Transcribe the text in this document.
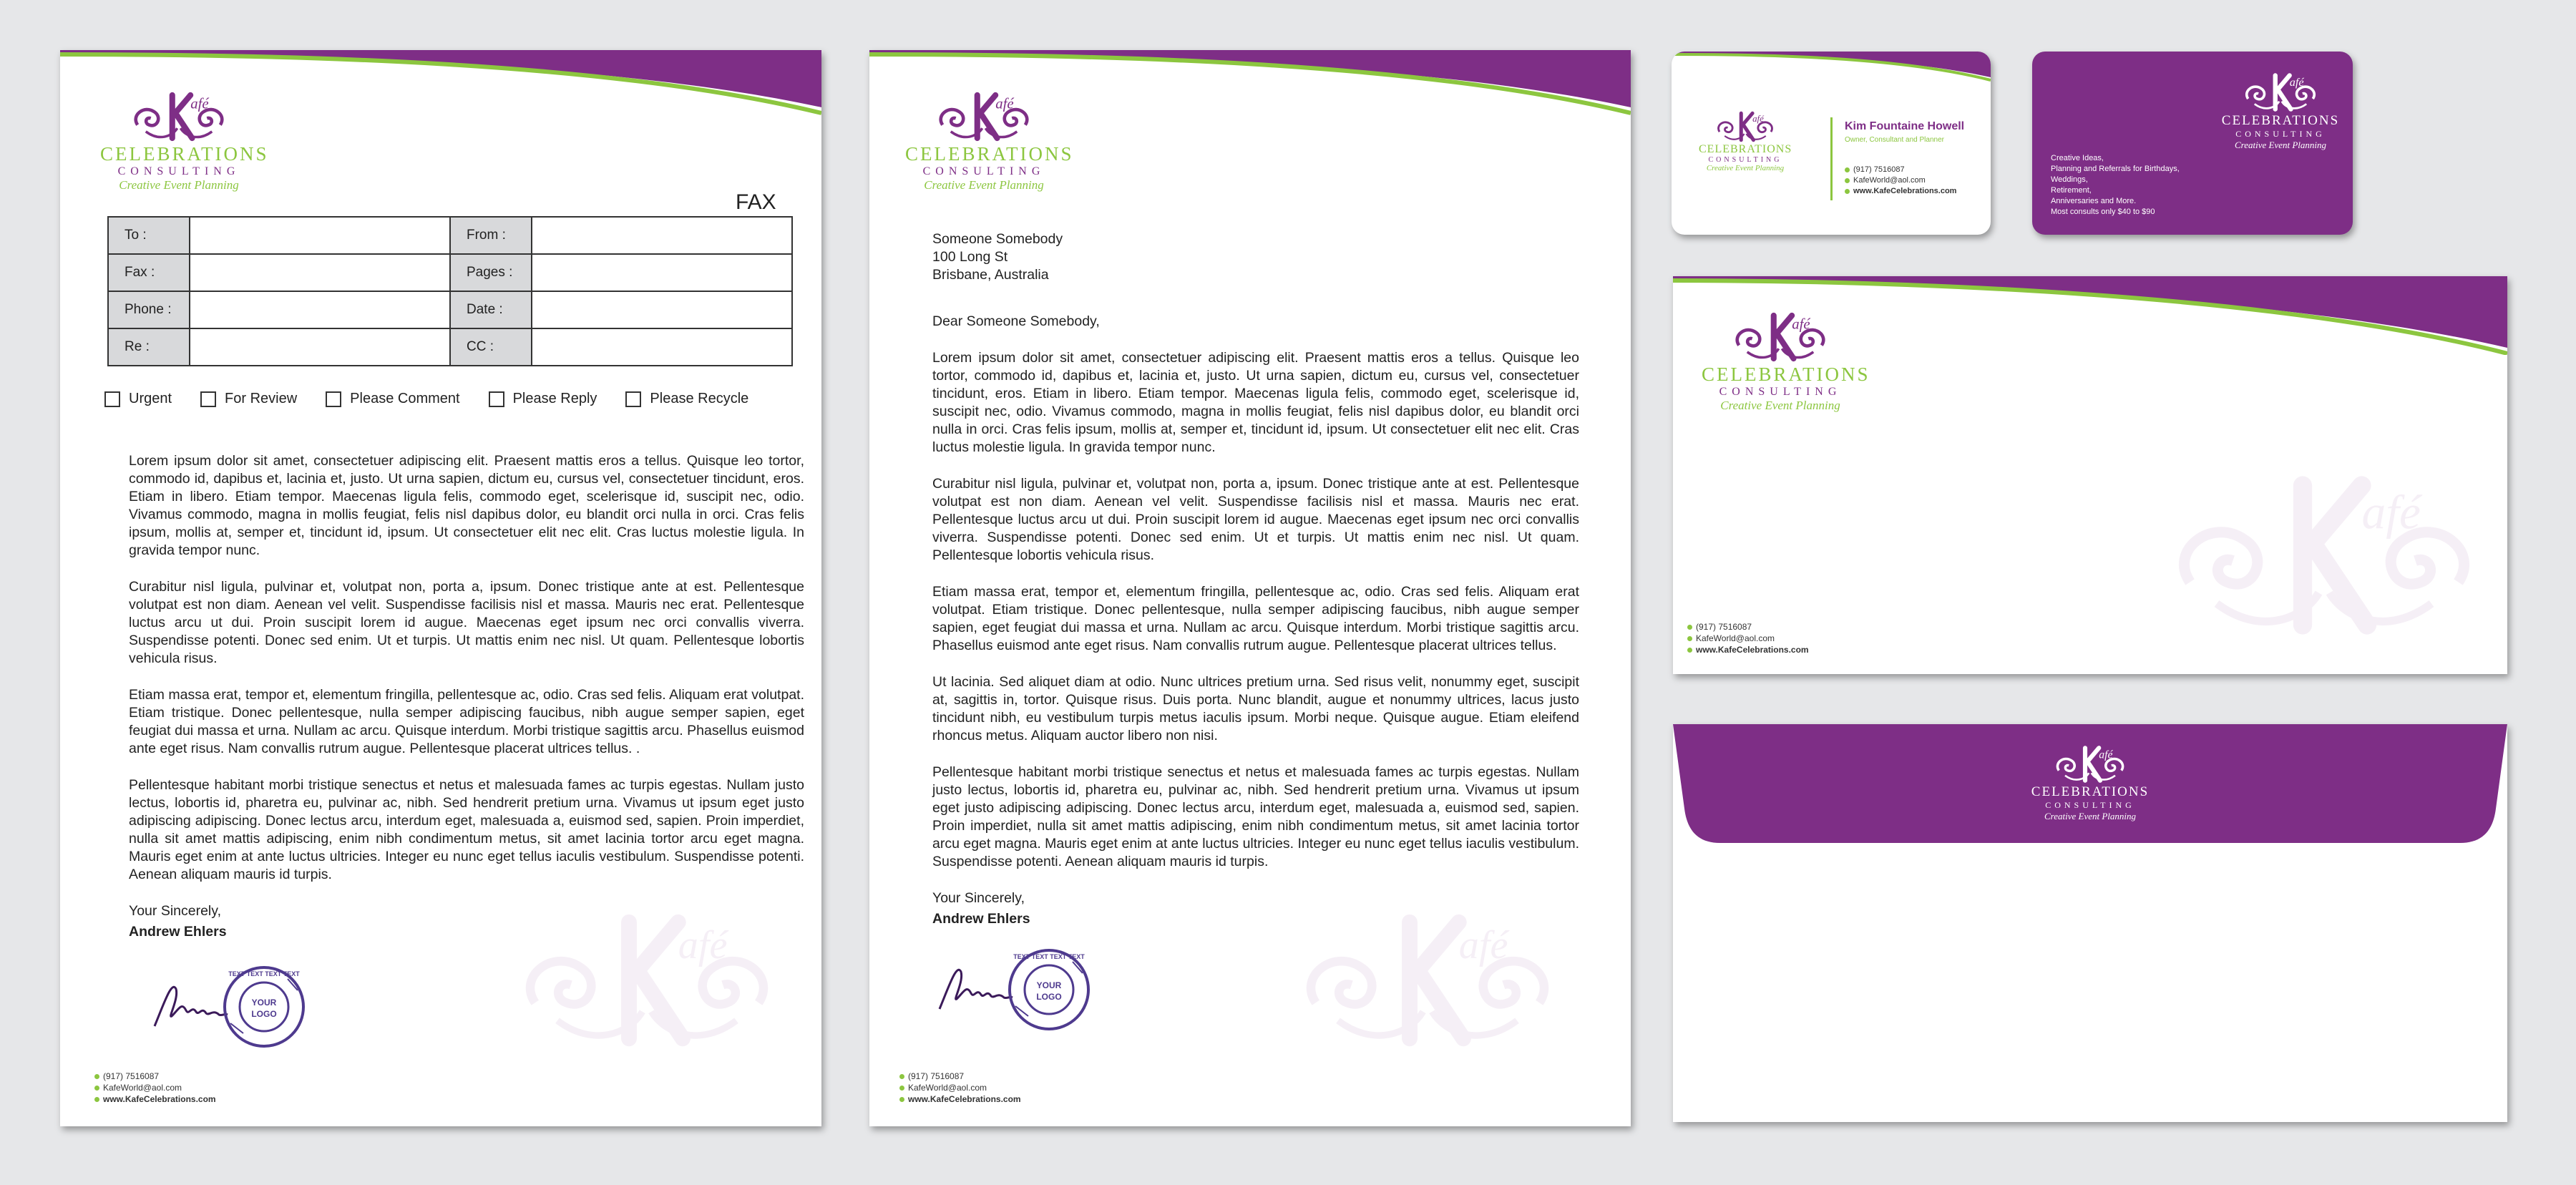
CELEBRATIONS
CONSULTING
Creative Event Planning
FAX
To :		From :	
Fax :		Pages :	
Phone :		Date :	
Re :		CC :	
Urgent	For Review	Please Comment	Please Reply	Please Recycle

Lorem ipsum dolor sit amet, consectetuer adipiscing elit. Praesent mattis eros a tellus. Quisque leo tortor, commodo id, dapibus et, lacinia et, justo. Ut urna sapien, dictum eu, cursus vel, consectetuer tincidunt, eros. Etiam in libero. Etiam tempor. Maecenas ligula felis, commodo eget, scelerisque id, suscipit nec, odio. Vivamus commodo, magna in mollis feugiat, felis nisl dapibus dolor, eu blandit orci nulla in orci. Cras felis ipsum, mollis at, semper et, tincidunt id, ipsum. Ut consectetuer elit nec elit. Cras luctus molestie ligula. In gravida tempor nunc.

Curabitur nisl ligula, pulvinar et, volutpat non, porta a, ipsum. Donec tristique ante at est. Pellentesque volutpat est non diam. Aenean vel velit. Suspendisse facilisis nisl et massa. Mauris nec erat. Pellentesque luctus arcu ut dui. Proin suscipit lorem id augue. Maecenas eget ipsum nec orci convallis viverra. Suspendisse potenti. Donec sed enim. Ut et turpis. Ut mattis enim nec nisl. Ut quam. Pellentesque lobortis vehicula risus.

Etiam massa erat, tempor et, elementum fringilla, pellentesque ac, odio. Cras sed felis. Aliquam erat volutpat. Etiam tristique. Donec pellentesque, nulla semper adipiscing faucibus, nibh augue semper sapien, eget feugiat dui massa et urna. Nullam ac arcu. Quisque interdum. Morbi tristique sagittis arcu. Phasellus euismod ante eget risus. Nam convallis rutrum augue. Pellentesque placerat ultrices tellus. .

Pellentesque habitant morbi tristique senectus et netus et malesuada fames ac turpis egestas. Nullam justo lectus, lobortis id, pharetra eu, pulvinar ac, nibh. Sed hendrerit pretium urna. Vivamus ut ipsum eget justo adipiscing adipiscing. Donec lectus arcu, interdum eget, malesuada a, euismod sed, sapien. Proin imperdiet, nulla sit amet mattis adipiscing, enim nibh condimentum metus, sit amet lacinia tortor arcu eget magna. Mauris eget enim at ante luctus ultricies. Integer eu nunc eget tellus iaculis vestibulum. Suspendisse potenti. Aenean aliquam mauris id turpis.

Your Sincerely,
Andrew Ehlers
TEXT TEXT TEXT TEXT
YOUR
LOGO
(917) 7516087
KafeWorld@aol.com
www.KafeCelebrations.com
CELEBRATIONS
CONSULTING
Creative Event Planning
Someone Somebody
100 Long St
Brisbane, Australia
Dear Someone Somebody,

Lorem ipsum dolor sit amet, consectetuer adipiscing elit. Praesent mattis eros a tellus. Quisque leo tortor, commodo id, dapibus et, lacinia et, justo. Ut urna sapien, dictum eu, cursus vel, consectetuer tincidunt, eros. Etiam in libero. Etiam tempor. Maecenas ligula felis, commodo eget, scelerisque id, suscipit nec, odio. Vivamus commodo, magna in mollis feugiat, felis nisl dapibus dolor, eu blandit orci nulla in orci. Cras felis ipsum, mollis at, semper et, tincidunt id, ipsum. Ut consectetuer elit nec elit. Cras luctus molestie ligula. In gravida tempor nunc.

Curabitur nisl ligula, pulvinar et, volutpat non, porta a, ipsum. Donec tristique ante at est. Pellentesque volutpat est non diam. Aenean vel velit. Suspendisse facilisis nisl et massa. Mauris nec erat. Pellentesque luctus arcu ut dui. Proin suscipit lorem id augue. Maecenas eget ipsum nec orci convallis viverra. Suspendisse potenti. Donec sed enim. Ut et turpis. Ut mattis enim nec nisl. Ut quam. Pellentesque lobortis vehicula risus.

Etiam massa erat, tempor et, elementum fringilla, pellentesque ac, odio. Cras sed felis. Aliquam erat volutpat. Etiam tristique. Donec pellentesque, nulla semper adipiscing faucibus, nibh augue semper sapien, eget feugiat dui massa et urna. Nullam ac arcu. Quisque interdum. Morbi tristique sagittis arcu. Phasellus euismod ante eget risus. Nam convallis rutrum augue. Pellentesque placerat ultrices tellus.

Ut lacinia. Sed aliquet diam at odio. Nunc ultrices pretium urna. Sed risus velit, nonummy eget, suscipit at, sagittis in, tortor. Quisque risus. Duis porta. Nunc blandit, augue et nonummy ultrices, lacus justo tincidunt nibh, eu vestibulum turpis metus iaculis ipsum. Morbi neque. Quisque augue. Etiam eleifend rhoncus metus. Aliquam auctor libero non nisi.

Pellentesque habitant morbi tristique senectus et netus et malesuada fames ac turpis egestas. Nullam justo lectus, lobortis id, pharetra eu, pulvinar ac, nibh. Sed hendrerit pretium urna. Vivamus ut ipsum eget justo adipiscing adipiscing. Donec lectus arcu, interdum eget, malesuada a, euismod sed, sapien. Proin imperdiet, nulla sit amet mattis adipiscing, enim nibh condimentum metus, sit amet lacinia tortor arcu eget magna. Mauris eget enim at ante luctus ultricies. Integer eu nunc eget tellus iaculis vestibulum. Suspendisse potenti. Aenean aliquam mauris id turpis.

Your Sincerely,
Andrew Ehlers
TEXT TEXT TEXT TEXT
YOUR
LOGO
(917) 7516087
KafeWorld@aol.com
www.KafeCelebrations.com
CELEBRATIONS
CONSULTING
Creative Event Planning
Kim Fountaine Howell
Owner, Consultant and Planner
(917) 7516087
KafeWorld@aol.com
www.KafeCelebrations.com
CELEBRATIONS
CONSULTING
Creative Event Planning
Creative Ideas,
Planning and Referrals for Birthdays,
Weddings,
Retirement,
Anniversaries and More.
Most consults only $40 to $90
CELEBRATIONS
CONSULTING
Creative Event Planning
(917) 7516087
KafeWorld@aol.com
www.KafeCelebrations.com
CELEBRATIONS
CONSULTING
Creative Event Planning
